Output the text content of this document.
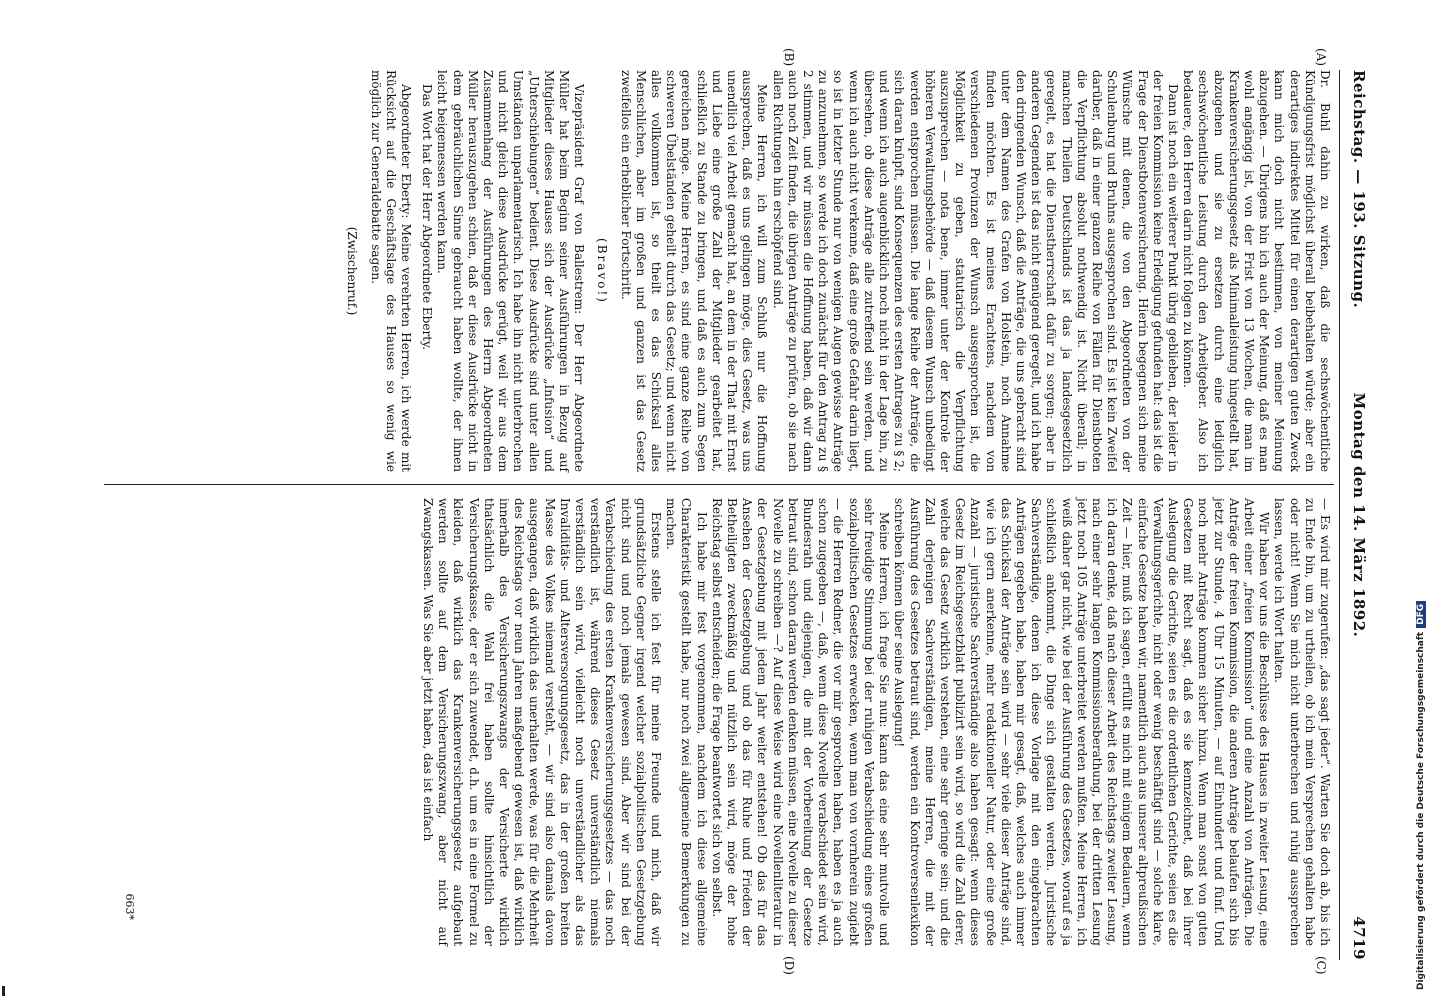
Reichstag. — 193. Sitzung.
Montag den 14. März 1892.
4719
(A)
(B)
(C)
(D)

Dr. Buhl dahin zu wirken, daß die sechswöchentliche Kündigungsfrist möglichst überall beibehalten würde; aber ein derartiges indirektes Mittel für einen derartigen guten Zweck kann mich doch nicht bestimmen, von meiner Meinung abzugehen. — Übrigens bin ich auch der Meinung, daß es man wohl angängig ist, von der Frist von 13 Wochen, die man im Krankenversicherungsgesetz als Minimalleistung hingestellt hat, abzugehen und sie zu ersetzen durch eine lediglich sechswöchentliche Leistung durch den Arbeitgeber. Also ich bedauere, den Herren darin nicht folgen zu können.

Dann ist noch ein weiterer Punkt übrig geblieben, der leider in der freien Kommission keine Erledigung gefunden hat: das ist die Frage der Dienstbotenversicherung. Hierin begegnen sich meine Wünsche mit denen, die von den Abgeordneten von der Schulenburg und Bruhns ausgesprochen sind. Es ist kein Zweifel darüber, daß in einer ganzen Reihe von Fällen für Dienstboten die Verpflichtung absolut nothwendig ist. Nicht überall; in manchen Theilen Deutschlands ist das ja landesgesetzlich geregelt, es hat die Dienstherrschaft dafür zu sorgen; aber in anderen Gegenden ist das nicht genügend geregelt, und ich habe den dringenden Wunsch, daß die Anträge, die uns gebracht sind unter dem Namen des Grafen von Holstein, noch Annahme finden möchten. Es ist meines Erachtens, nachdem von verschiedenen Provinzen der Wunsch ausgesprochen ist, die Möglichkeit zu geben, statutarisch die Verpflichtung auszusprechen — nota bene, immer unter der Kontrole der höheren Verwaltungsbehörde — daß diesem Wunsch unbedingt werden entsprochen müssen. Die lange Reihe der Anträge, die sich daran knüpft, sind Konsequenzen des ersten Antrages zu § 2; und wenn ich auch augenblicklich noch nicht in der Lage bin, zu übersehen, ob diese Anträge alle zutreffend sein werden, und wenn ich auch nicht verkenne, daß eine große Gefahr darin liegt, so ist in letzter Stunde nur von wenigen Augen gewisse Anträge zu anzunehmen, so werde ich doch zunächst für den Antrag zu § 2 stimmen, und wir müssen die Hoffnung haben, daß wir dann auch noch Zeit finden, die übrigen Anträge zu prüfen, ob sie nach allen Richtungen hin erschöpfend sind.

Meine Herren, ich will zum Schluß nur die Hoffnung aussprechen, daß es uns gelingen möge, dies Gesetz, was uns unendlich viel Arbeit gemacht hat, an dem in der That mit Ernst und Liebe eine große Zahl der Mitglieder gearbeitet hat, schließlich zu Stande zu bringen, und daß es auch zum Segen gereichen möge. Meine Herren, es sind eine ganze Reihe von schweren Übelständen geheilt durch das Gesetz; und wenn nicht alles vollkommen ist, so theilt es das Schicksal alles Menschlichen, aber im großen und ganzen ist das Gesetz zweifellos ein erheblicher Fortschritt.

(Bravo!)

Vizepräsident Graf von Ballestrem: Der Herr Abgeordnete Müller hat beim Beginn seiner Ausführungen in Bezug auf Mitglieder dieses Hauses sich der Ausdrücke „Infusion“ und „Unterschiebungen“ bedient. Diese Ausdrücke sind unter allen Umständen unparlamentarisch. Ich habe ihn nicht unterbrochen und nicht gleich diese Ausdrücke gerügt, weil wir aus dem Zusammenhang der Ausführungen des Herrn Abgeordneten Müller herauszugehen schien, daß er diese Ausdrücke nicht in dem gebräuchlichen Sinne gebraucht haben wollte, der ihnen leicht beigemessen werden kann.

Das Wort hat der Herr Abgeordnete Eberty.

Abgeordneter Eberty: Meine verehrten Herren, ich werde mit Rücksicht auf die Geschäftslage des Hauses so wenig wie möglich zur Generaldebatte sagen.

(Zwischenruf.)

— Es wird mir zugerufen: „das sagt jeder“. Warten Sie doch ab, bis ich zu Ende bin, um zu urtheilen, ob ich mein Versprechen gehalten habe oder nicht! Wenn Sie mich nicht unterbrechen und ruhig aussprechen lassen, werde ich Wort halten.

Wir haben vor uns die Beschlüsse des Hauses in zweiter Lesung, eine Arbeit einer „freien Kommission“ und eine Anzahl von Anträgen. Die Anträge der freien Kommission, die anderen Anträge belaufen sich bis jetzt zur Stunde, 4 Uhr 15 Minuten, — auf Einhundert und fünf. Und noch mehr Anträge kommen sicher hinzu. Wenn man sonst von guten Gesetzen mit Recht sagt, daß es sie kennzeichnet, daß bei ihrer Auslegung die Gerichte, seien es die ordentlichen Gerichte, seien es die Verwaltungsgerichte, nicht oder wenig beschäftigt sind — solche klare, einfache Gesetze haben wir, namentlich auch aus unserer altpreußischen Zeit — hier, muß ich sagen, erfüllt es mich mit einigem Bedauern, wenn ich daran denke, daß nach dieser Arbeit des Reichstags zweiter Lesung, nach einer sehr langen Kommissionsberathung, bei der dritten Lesung jetzt noch 105 Anträge unterbreitet werden mußten. Meine Herren, ich weiß daher gar nicht, wie bei der Ausführung des Gesetzes, worauf es ja schließlich ankommt, die Dinge sich gestalten werden. Juristische Sachverständige, denen ich diese Vorlage mit den eingebrachten Anträgen gegeben habe, haben mir gesagt, daß, welches auch immer das Schicksal der Anträge sein wird — sehr viele dieser Anträge sind, wie ich gern anerkenne, mehr redaktioneller Natur, oder eine große Anzahl — juristische Sachverständige also haben gesagt: wenn dieses Gesetz im Reichsgesetzblatt publizirt sein wird, so wird die Zahl derer, welche das Gesetz wirklich verstehen, eine sehr geringe sein; und die Zahl derjenigen Sachverständigen, meine Herren, die mit der Ausführung des Gesetzes betraut sind, werden ein Kontroversenlexikon schreiben können über seine Auslegung!

Meine Herren, ich frage Sie nun: kann das eine sehr mutvolle und sehr freudige Stimmung bei der ruhigen Verabschiedung eines großen sozialpolitischen Gesetzes erwecken, wenn man von vornherein zugiebt — die Herren Redner, die vor mir gesprochen haben, haben es ja auch schon zugegeben —, daß, wenn diese Novelle verabschiedet sein wird, Bundesrath und diejenigen, die mit der Vorbereitung der Gesetze betraut sind, schon daran werden denken müssen, eine Novelle zu dieser Novelle zu schreiben —? Auf diese Weise wird eine Novellenliteratur in der Gesetzgebung mit jedem Jahr weiter entstehen! Ob das für das Ansehen der Gesetzgebung und ob das für Ruhe und Frieden der Betheiligten zweckmäßig und nützlich sein wird, möge der hohe Reichstag selbst entscheiden; die Frage beantwortet sich von selbst.

Ich habe mir fest vorgenommen, nachdem ich diese allgemeine Charakteristik gestellt habe, nur noch zwei allgemeine Bemerkungen zu machen.

Erstens stelle ich fest für meine Freunde und mich, daß wir grundsätzliche Gegner irgend welcher sozialpolitischen Gesetzgebung nicht sind und noch jemals gewesen sind. Aber wir sind bei der Verabschiedung des ersten Krankenversicherungsgesetzes — das noch verständlich ist, während dieses Gesetz unverständlich niemals verständlich sein wird, vielleicht noch unverständlicher als das Invaliditäts- und Altersversorgungsgesetz, das in der großen breiten Masse des Volkes niemand versteht, — wir sind also damals davon ausgegangen, daß wirklich das unerhalten werde, was für die Mehrheit des Reichstags vor neun Jahren maßgebend gewesen ist, daß wirklich innerhalb des Versicherungszwangs der Versicherte wirklich thatsächlich die Wahl frei haben sollte hinsichtlich der Versicherungskasse, der er sich zuwendet, d.h. um es in eine Formel zu kleiden, daß wirklich das Krankenversicherungsgesetz aufgebaut werden sollte auf dem Versicherungszwang, aber nicht auf Zwangskassen. Was Sie aber jetzt haben, das ist einfach

663*	Digitalisierung gefördert durch die Deutsche ForschungsgemeinschaftDFG
